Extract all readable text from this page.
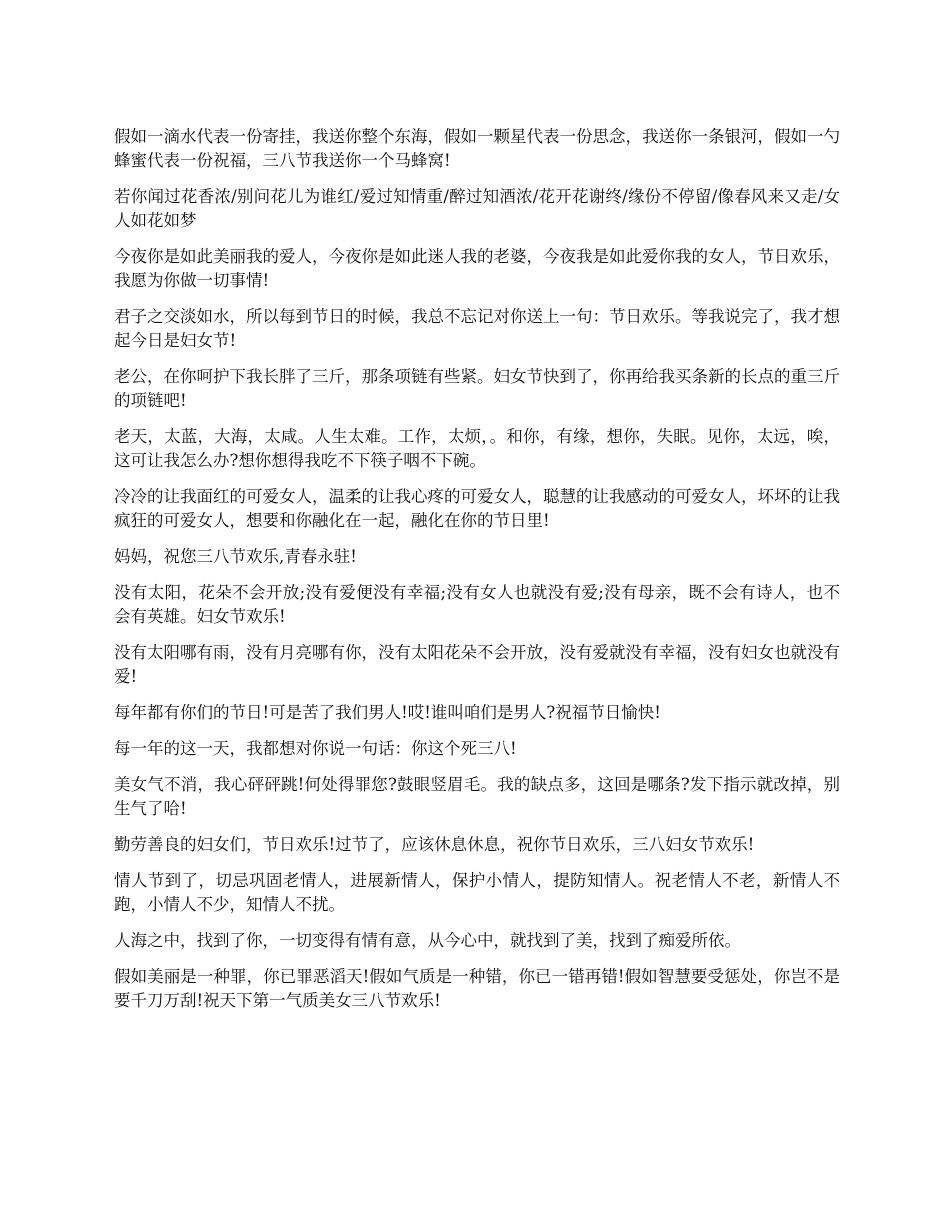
假如一滴水代表一份寄挂，我送你整个东海，假如一颗星代表一份思念，我送你一条银河，假如一勺蜂蜜代表一份祝福，三八节我送你一个马蜂窝!

若你闻过花香浓/别问花儿为谁红/爱过知情重/醉过知酒浓/花开花谢终/缘份不停留/像春风来又走/女人如花如梦

今夜你是如此美丽我的爱人，今夜你是如此迷人我的老婆，今夜我是如此爱你我的女人，节日欢乐，我愿为你做一切事情!

君子之交淡如水，所以每到节日的时候，我总不忘记对你送上一句：节日欢乐。等我说完了，我才想起今日是妇女节!

老公，在你呵护下我长胖了三斤，那条项链有些紧。妇女节快到了，你再给我买条新的长点的重三斤的项链吧!

老天，太蓝，大海，太咸。人生太难。工作，太烦，。和你，有缘，想你，失眠。见你，太远，唉，这可让我怎么办?想你想得我吃不下筷子咽不下碗。

冷冷的让我面红的可爱女人，温柔的让我心疼的可爱女人，聪慧的让我感动的可爱女人，坏坏的让我疯狂的可爱女人，想要和你融化在一起，融化在你的节日里!

妈妈，祝您三八节欢乐,青春永驻!

没有太阳，花朵不会开放;没有爱便没有幸福;没有女人也就没有爱;没有母亲，既不会有诗人，也不会有英雄。妇女节欢乐!

没有太阳哪有雨，没有月亮哪有你，没有太阳花朵不会开放，没有爱就没有幸福，没有妇女也就没有爱!

每年都有你们的节日!可是苦了我们男人!哎!谁叫咱们是男人?祝福节日愉快!

每一年的这一天，我都想对你说一句话：你这个死三八!

美女气不消，我心砰砰跳!何处得罪您?鼓眼竖眉毛。我的缺点多，这回是哪条?发下指示就改掉，别生气了哈!

勤劳善良的妇女们，节日欢乐!过节了，应该休息休息，祝你节日欢乐，三八妇女节欢乐!

情人节到了，切忌巩固老情人，进展新情人，保护小情人，提防知情人。祝老情人不老，新情人不跑，小情人不少，知情人不扰。

人海之中，找到了你，一切变得有情有意，从今心中，就找到了美，找到了痴爱所依。

假如美丽是一种罪，你已罪恶滔天!假如气质是一种错，你已一错再错!假如智慧要受惩处，你岂不是要千刀万刮!祝天下第一气质美女三八节欢乐!
